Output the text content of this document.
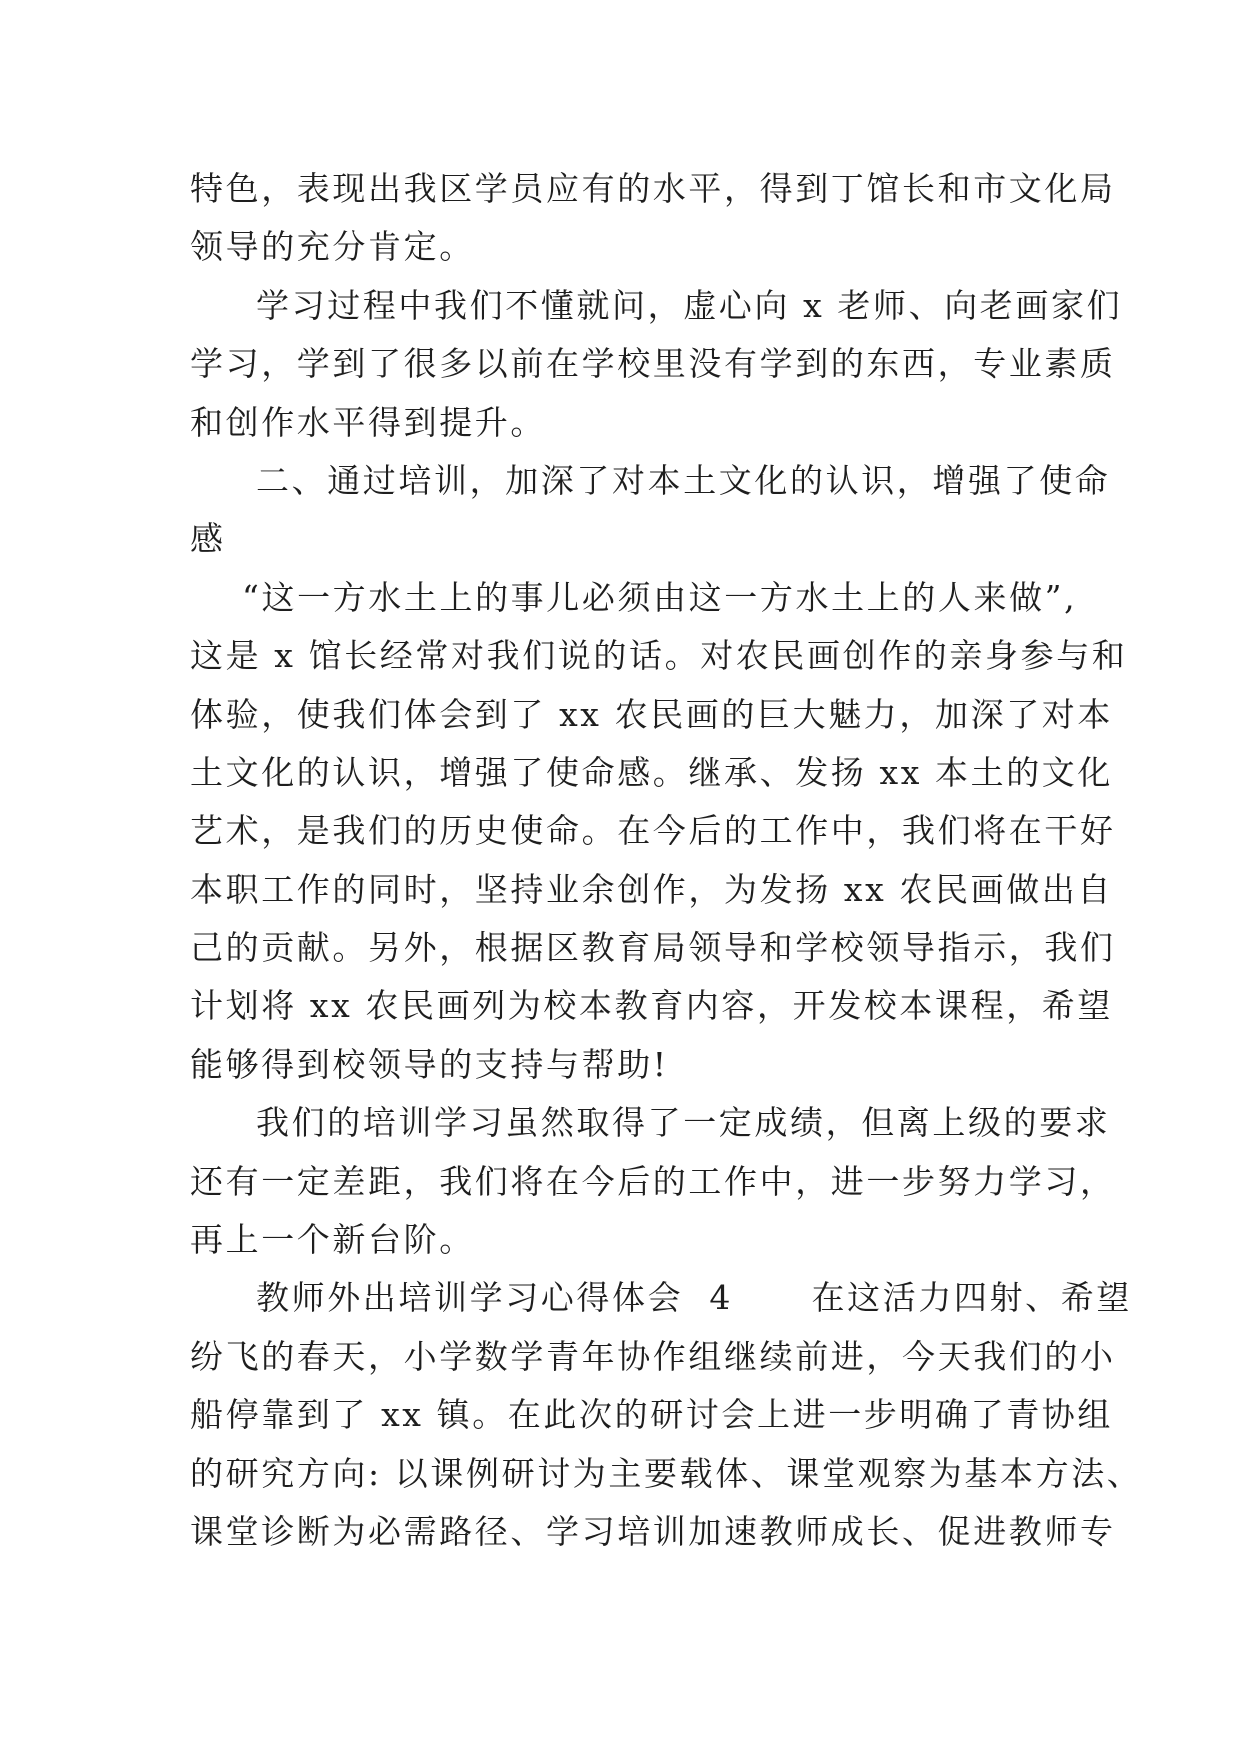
特色，表现出我区学员应有的水平，得到丁馆长和市文化局
领导的充分肯定。
学习过程中我们不懂就问，虚心向 x 老师、向老画家们
学习，学到了很多以前在学校里没有学到的东西，专业素质
和创作水平得到提升。
二、通过培训，加深了对本土文化的认识，增强了使命
感
“这一方水土上的事儿必须由这一方水土上的人来做”,
这是 x 馆长经常对我们说的话。对农民画创作的亲身参与和
体验，使我们体会到了 xx 农民画的巨大魅力，加深了对本
土文化的认识，增强了使命感。继承、发扬 xx 本土的文化
艺术，是我们的历史使命。在今后的工作中，我们将在干好
本职工作的同时，坚持业余创作，为发扬 xx 农民画做出自
己的贡献。另外，根据区教育局领导和学校领导指示，我们
计划将 xx 农民画列为校本教育内容，开发校本课程，希望
能够得到校领导的支持与帮助!
我们的培训学习虽然取得了一定成绩，但离上级的要求
还有一定差距，我们将在今后的工作中，进一步努力学习，
再上一个新台阶。
教师外出培训学习心得体会  4      在这活力四射、希望
纷飞的春天，小学数学青年协作组继续前进，今天我们的小
船停靠到了 xx 镇。在此次的研讨会上进一步明确了青协组
的研究方向: 以课例研讨为主要载体、课堂观察为基本方法、
课堂诊断为必需路径、学习培训加速教师成长、促进教师专
